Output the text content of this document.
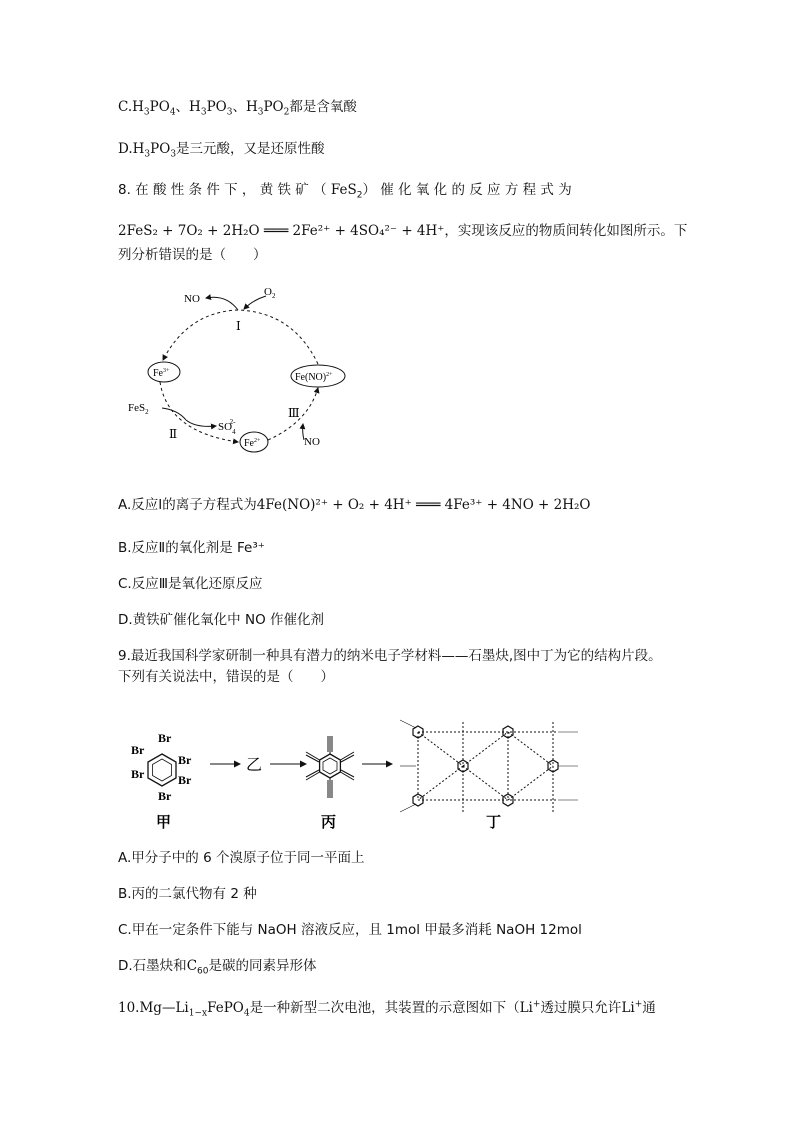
$C.H_3PO_4$、$H_3PO_3$、$H_3PO_2$都是含氧酸
$D.H_3PO_3$是三元酸，又是还原性酸
8. 在 酸 性 条 件 下 ， 黄 铁 矿 （ FeS$_2$） 催 化 氧 化 的 反 应 方 程 式 为
2FeS₂ + 7O₂ + 2H₂O ═══ 2Fe²⁺ + 4SO₄²⁻ + 4H⁺，实现该反应的物质间转化如图所示。下
列分析错误的是（　　）
NO
$O_2$
Ⅰ
$Fe^{3+}$
Fe(NO)$^{2+}$
FeS$_2$
Ⅱ	$SO_42-$
$Fe^{2+}$
Ⅲ
NO
A.反应Ⅰ的离子方程式为4Fe(NO)²⁺ + O₂ + 4H⁺ ═══ 4Fe³⁺ + 4NO + 2H₂O
B.反应Ⅱ的氧化剂是 Fe³⁺
C.反应Ⅲ是氧化还原反应
D.黄铁矿催化氧化中 NO 作催化剂
9.最近我国科学家研制一种具有潜力的纳米电子学材料——石墨炔,图中丁为它的结构片段。
下列有关说法中，错误的是（　　）
Br
Br
Br
Br	Br
Br
甲
乙
丙	丁
A.甲分子中的 6 个溴原子位于同一平面上
B.丙的二氯代物有 2 种
C.甲在一定条件下能与 NaOH 溶液反应，且 1mol 甲最多消耗 NaOH 12mol
D.石墨炔和$C_{60}$是碳的同素异形体
$10.Mg—Li_{1-x}FePO_4$是一种新型二次电池，其装置的示意图如下（Li+透过膜只允许Li+通
